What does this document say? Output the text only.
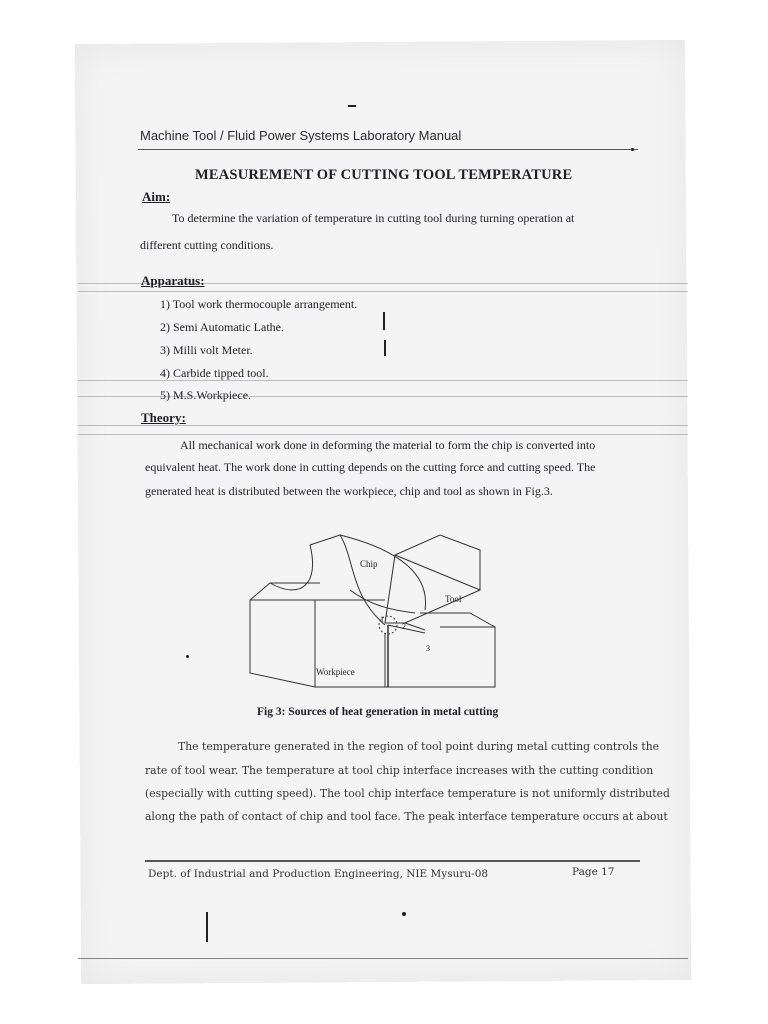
Machine Tool / Fluid Power Systems Laboratory Manual
MEASUREMENT OF CUTTING TOOL TEMPERATURE
Aim:
To determine the variation of temperature in cutting tool during turning operation at
different cutting conditions.
Apparatus:
1) Tool work thermocouple arrangement.
2) Semi Automatic Lathe.
3) Milli volt Meter.
4) Carbide tipped tool.
5) M.S.Workpiece.
Theory:
All mechanical work done in deforming the material to form the chip is converted into
equivalent heat. The work done in cutting depends on the cutting force and cutting speed. The
generated heat is distributed between the workpiece, chip and tool as shown in Fig.3.
Chip
Tool
Workpiece
1
2
3
Fig 3: Sources of heat generation in metal cutting
The temperature generated in the region of tool point during metal cutting controls the
rate of tool wear. The temperature at tool chip interface increases with the cutting condition
(especially with cutting speed). The tool chip interface temperature is not uniformly distributed
along the path of contact of chip and tool face. The peak interface temperature occurs at about
Dept. of Industrial and Production Engineering, NIE Mysuru-08	Page 17
